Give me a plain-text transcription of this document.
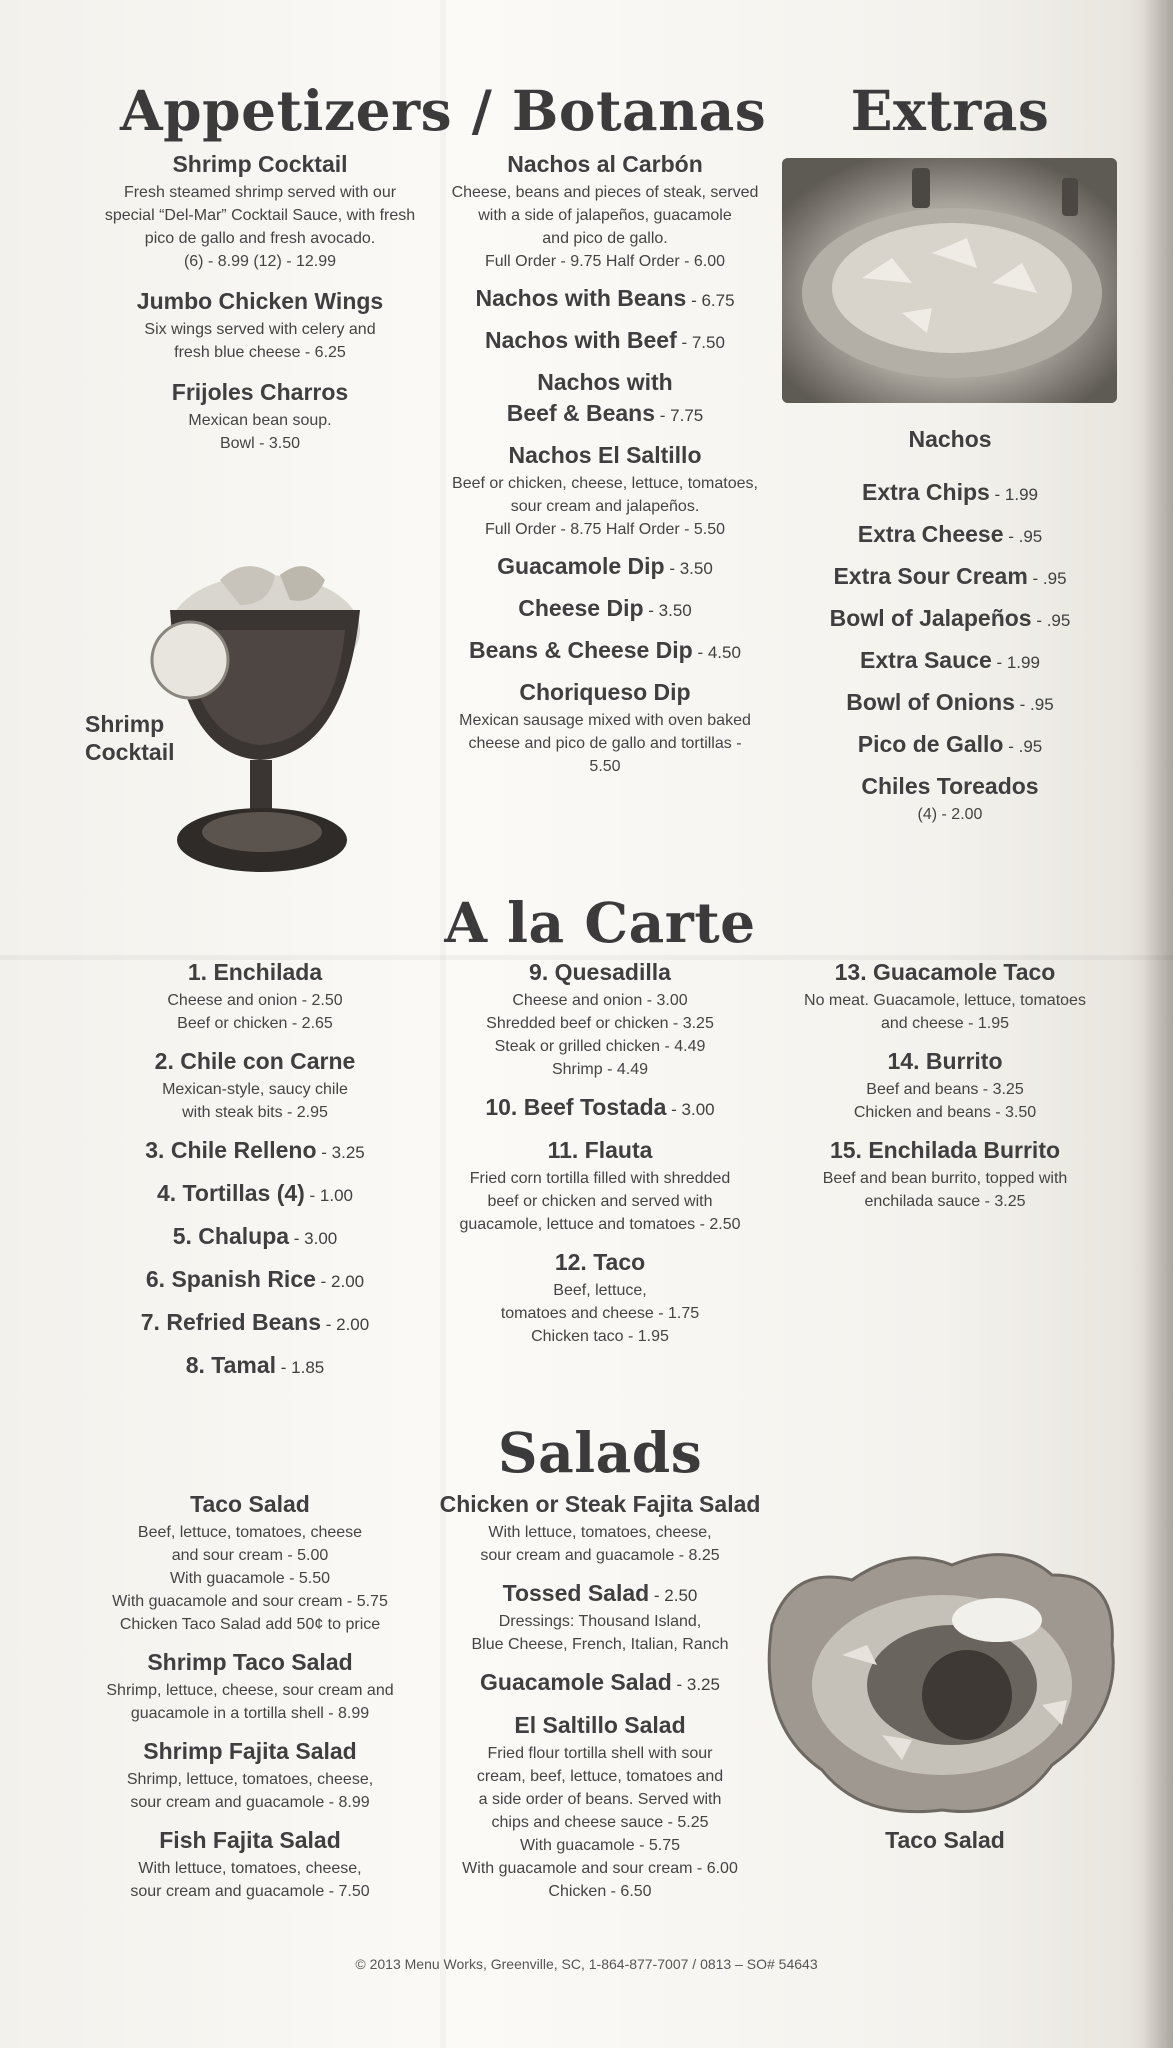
Appetizers / Botanas	Extras
A la Carte
Salads
Shrimp Cocktail
Fresh steamed shrimp served with our
special “Del-Mar” Cocktail Sauce, with fresh
pico de gallo and fresh avocado.
(6) - 8.99 (12) - 12.99
Jumbo Chicken Wings
Six wings served with celery and
fresh blue cheese - 6.25
Frijoles Charros
Mexican bean soup.
Bowl - 3.50
Nachos al Carbón
Cheese, beans and pieces of steak, served
with a side of jalapeños, guacamole
and pico de gallo.
Full Order - 9.75 Half Order - 6.00
Nachos with Beans - 6.75
Nachos with Beef - 7.50
Nachos with
Beef & Beans - 7.75
Nachos El Saltillo
Beef or chicken, cheese, lettuce, tomatoes,
sour cream and jalapeños.
Full Order - 8.75 Half Order - 5.50
Guacamole Dip - 3.50
Cheese Dip - 3.50
Beans & Cheese Dip - 4.50
Choriqueso Dip
Mexican sausage mixed with oven baked
cheese and pico de gallo and tortillas -
5.50
Shrimp
Cocktail
Nachos
Extra Chips - 1.99
Extra Cheese - .95
Extra Sour Cream - .95
Bowl of Jalapeños - .95
Extra Sauce - 1.99
Bowl of Onions - .95
Pico de Gallo - .95
Chiles Toreados
(4) - 2.00
1. Enchilada
Cheese and onion - 2.50
Beef or chicken - 2.65
2. Chile con Carne
Mexican-style, saucy chile
with steak bits - 2.95
3. Chile Relleno - 3.25
4. Tortillas (4) - 1.00
5. Chalupa - 3.00
6. Spanish Rice - 2.00
7. Refried Beans - 2.00
8. Tamal - 1.85
9. Quesadilla
Cheese and onion - 3.00
Shredded beef or chicken - 3.25
Steak or grilled chicken - 4.49
Shrimp - 4.49
10. Beef Tostada - 3.00
11. Flauta
Fried corn tortilla filled with shredded
beef or chicken and served with
guacamole, lettuce and tomatoes - 2.50
12. Taco
Beef, lettuce,
tomatoes and cheese - 1.75
Chicken taco - 1.95
13. Guacamole Taco
No meat. Guacamole, lettuce, tomatoes
and cheese - 1.95
14. Burrito
Beef and beans - 3.25
Chicken and beans - 3.50
15. Enchilada Burrito
Beef and bean burrito, topped with
enchilada sauce - 3.25
Taco Salad
Beef, lettuce, tomatoes, cheese
and sour cream - 5.00
With guacamole - 5.50
With guacamole and sour cream - 5.75
Chicken Taco Salad add 50¢ to price
Shrimp Taco Salad
Shrimp, lettuce, cheese, sour cream and
guacamole in a tortilla shell - 8.99
Shrimp Fajita Salad
Shrimp, lettuce, tomatoes, cheese,
sour cream and guacamole - 8.99
Fish Fajita Salad
With lettuce, tomatoes, cheese,
sour cream and guacamole - 7.50
Chicken or Steak Fajita Salad
With lettuce, tomatoes, cheese,
sour cream and guacamole - 8.25
Tossed Salad - 2.50
Dressings: Thousand Island,
Blue Cheese, French, Italian, Ranch
Guacamole Salad - 3.25
El Saltillo Salad
Fried flour tortilla shell with sour
cream, beef, lettuce, tomatoes and
a side order of beans. Served with
chips and cheese sauce - 5.25
With guacamole - 5.75
With guacamole and sour cream - 6.00
Chicken - 6.50
Taco Salad
© 2013 Menu Works, Greenville, SC, 1-864-877-7007 / 0813 – SO# 54643
